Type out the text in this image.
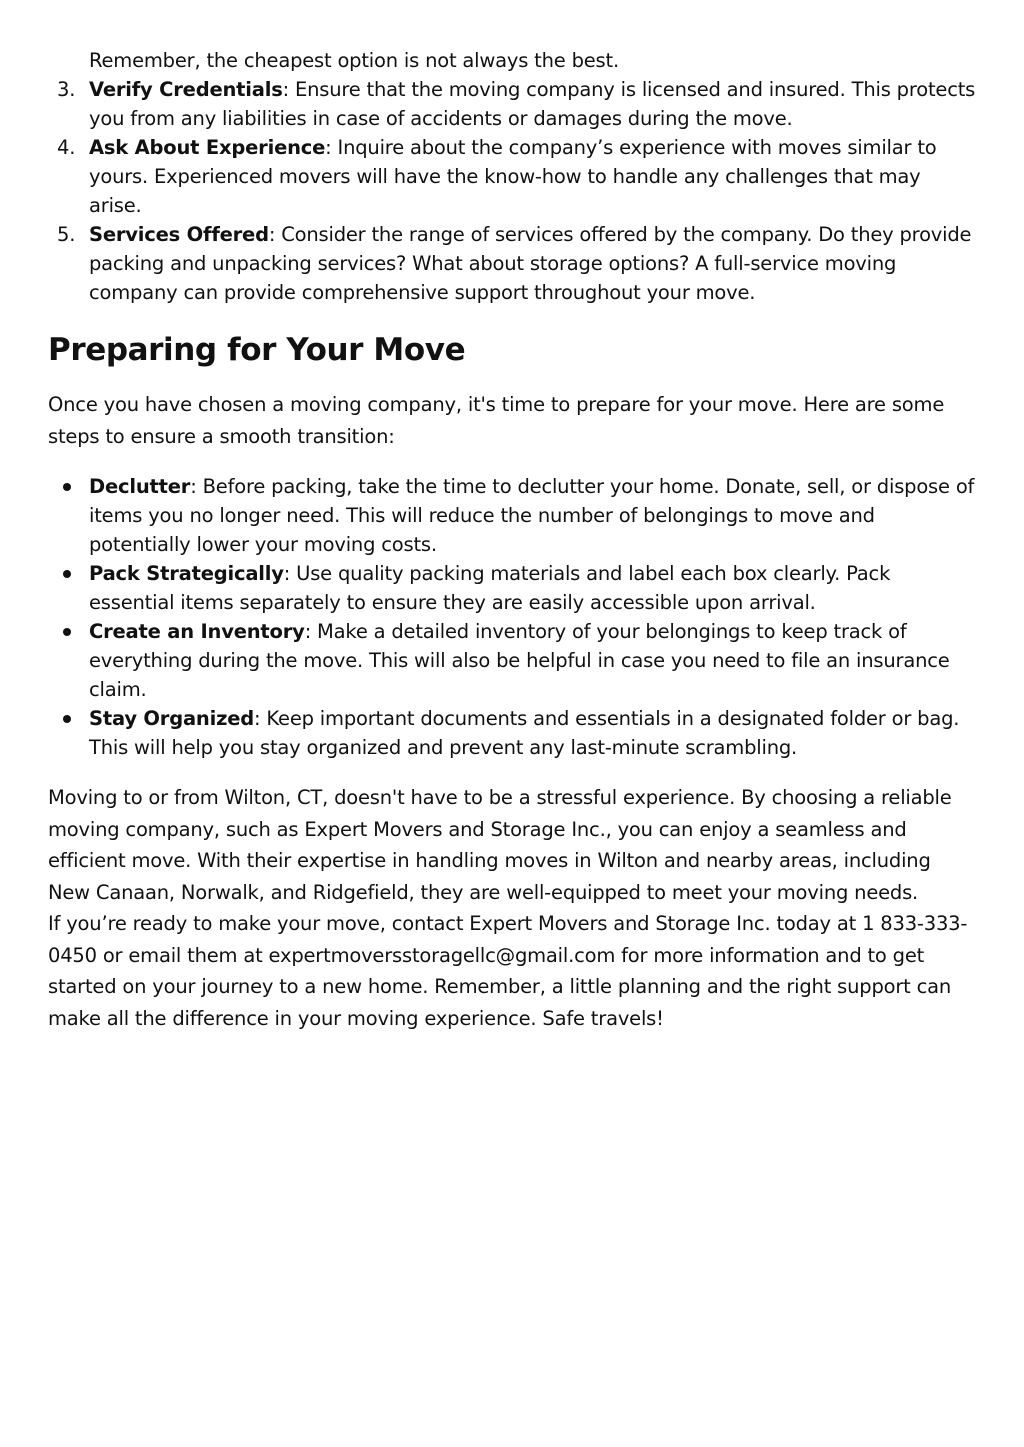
Remember, the cheapest option is not always the best.
3. Verify Credentials: Ensure that the moving company is licensed and insured. This protects you from any liabilities in case of accidents or damages during the move.
4. Ask About Experience: Inquire about the company’s experience with moves similar to yours. Experienced movers will have the know-how to handle any challenges that may arise.
5. Services Offered: Consider the range of services offered by the company. Do they provide packing and unpacking services? What about storage options? A full-service moving company can provide comprehensive support throughout your move.
Preparing for Your Move

Once you have chosen a moving company, it's time to prepare for your move. Here are some steps to ensure a smooth transition:

Declutter: Before packing, take the time to declutter your home. Donate, sell, or dispose of items you no longer need. This will reduce the number of belongings to move and potentially lower your moving costs.
Pack Strategically: Use quality packing materials and label each box clearly. Pack essential items separately to ensure they are easily accessible upon arrival.
Create an Inventory: Make a detailed inventory of your belongings to keep track of everything during the move. This will also be helpful in case you need to file an insurance claim.
Stay Organized: Keep important documents and essentials in a designated folder or bag. This will help you stay organized and prevent any last-minute scrambling.

Moving to or from Wilton, CT, doesn't have to be a stressful experience. By choosing a reliable moving company, such as Expert Movers and Storage Inc., you can enjoy a seamless and efficient move. With their expertise in handling moves in Wilton and nearby areas, including New Canaan, Norwalk, and Ridgefield, they are well-equipped to meet your moving needs.

If you’re ready to make your move, contact Expert Movers and Storage Inc. today at 1 833-333-0450 or email them at expertmoversstoragellc@gmail.com for more information and to get started on your journey to a new home. Remember, a little planning and the right support can make all the difference in your moving experience. Safe travels!
